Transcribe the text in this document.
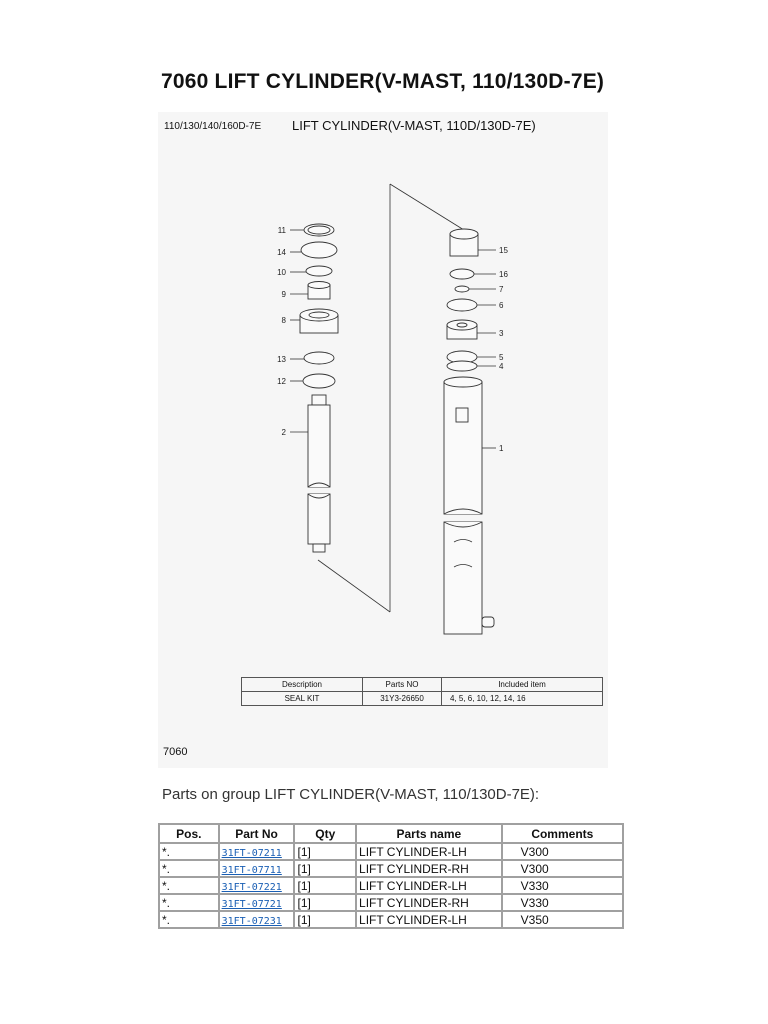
7060 LIFT CYLINDER(V-MAST, 110/130D-7E)
110/130/140/160D-7E LIFT CYLINDER(V-MAST, 110D/130D-7E)
11
14
10
9
8
13
12
2
15
16
7
6
3
5
4
1
Description	Parts NO	Included item
SEAL KIT	31Y3-26650	4, 5, 6, 10, 12, 14, 16
7060
Parts on group LIFT CYLINDER(V-MAST, 110/130D-7E):
Pos.	Part No	Qty	Parts name	Comments
*.	31FT-07211	[1]	LIFT CYLINDER-LH	V300
*.	31FT-07711	[1]	LIFT CYLINDER-RH	V300
*.	31FT-07221	[1]	LIFT CYLINDER-LH	V330
*.	31FT-07721	[1]	LIFT CYLINDER-RH	V330
*.	31FT-07231	[1]	LIFT CYLINDER-LH	V350
